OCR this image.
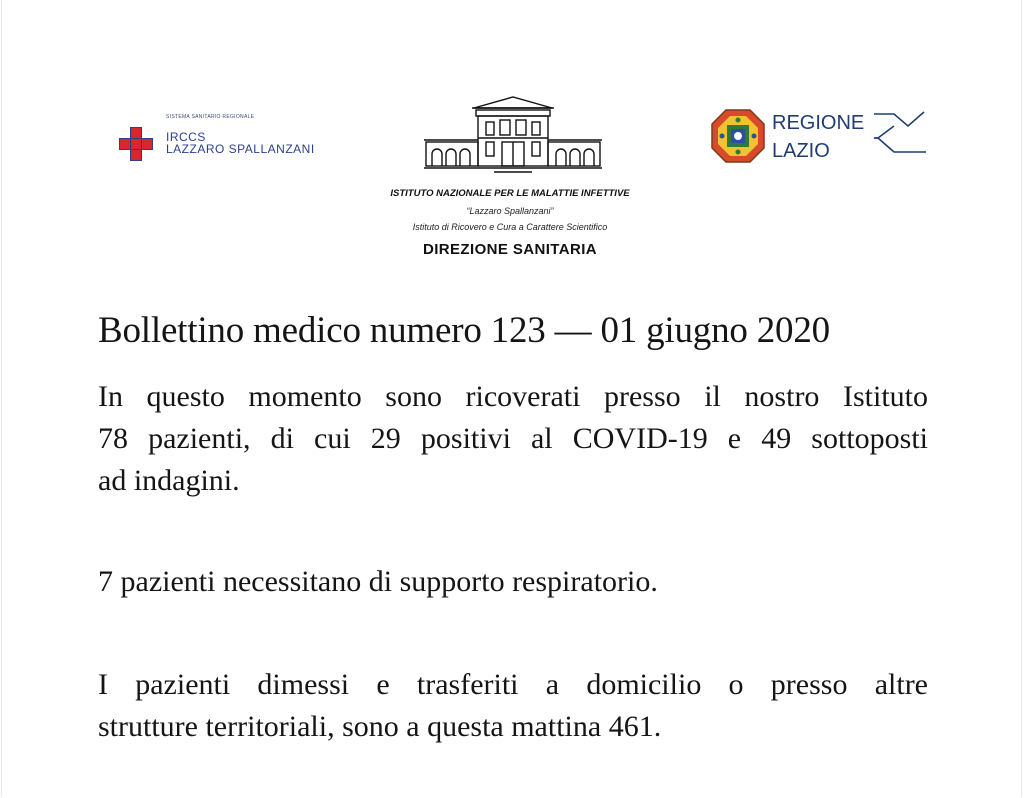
SISTEMA SANITARIO REGIONALE
IRCCS
LAZZARO SPALLANZANI
ISTITUTO NAZIONALE PER LE MALATTIE INFETTIVE
“Lazzaro Spallanzani”
Istituto di Ricovero e Cura a Carattere Scientifico
DIREZIONE SANITARIA
REGIONE
LAZIO
Bollettino medico numero 123 — 01 giugno 2020
In questo momento sono ricoverati presso il nostro Istituto
78 pazienti, di cui 29 positivi al COVID-19 e 49 sottoposti
ad indagini.
7 pazienti necessitano di supporto respiratorio.
I pazienti dimessi e trasferiti a domicilio o presso altre
strutture territoriali, sono a questa mattina 461.
